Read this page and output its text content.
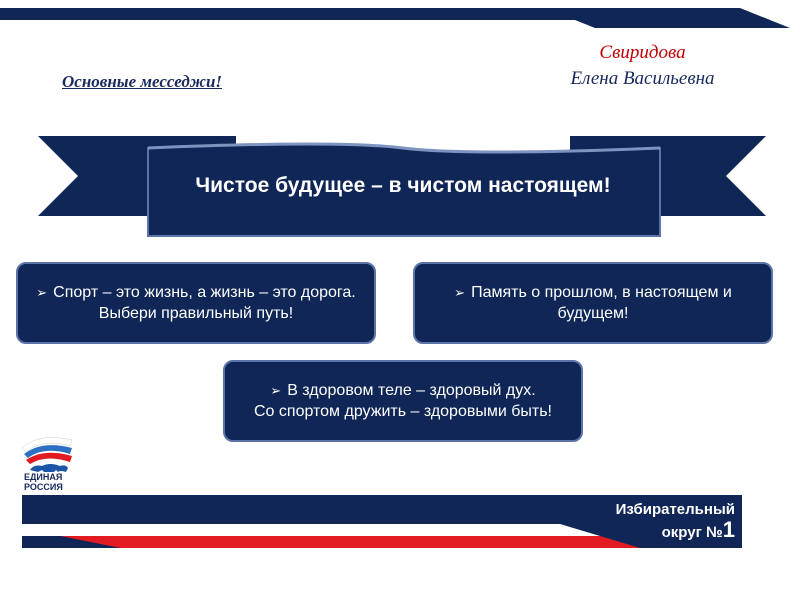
Свиридова
Елена Васильевна
Основные месседжи!
Чистое будущее – в чистом настоящем!
➢ Спорт – это жизнь, а жизнь – это дорога.
Выбери правильный путь!
➢ Память о прошлом, в настоящем и будущем!
➢ В здоровом теле – здоровый дух.
Со спортом дружить – здоровыми быть!
ЕДИНАЯ
РОССИЯ
Избирательный
округ №1
